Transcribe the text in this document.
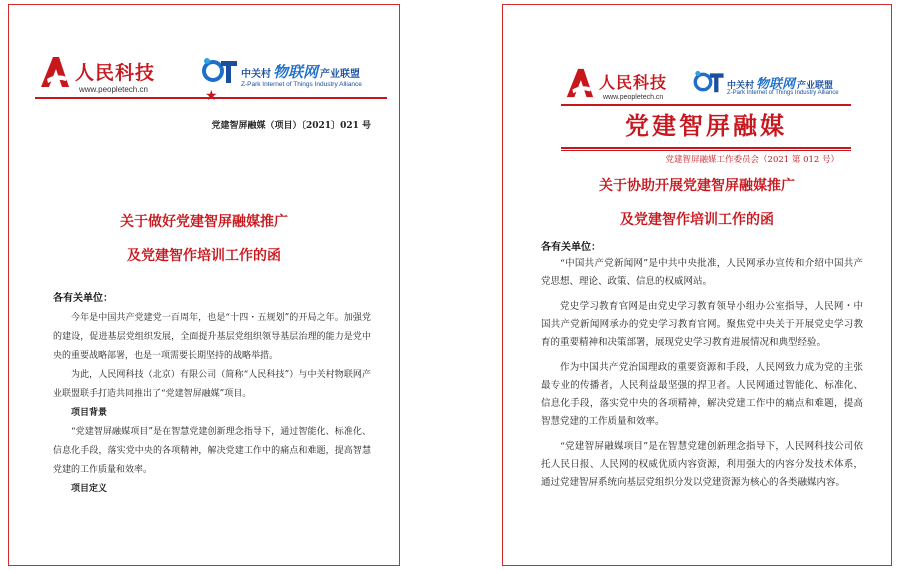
人民科技
www.peopletech.cn
中关村 物联网 产业联盟
Z-Park Internet of Things Industry Alliance
★
党建智屏融媒（项目）〔2021〕021 号
关于做好党建智屏融媒推广
及党建智作培训工作的函
各有关单位：

今年是中国共产党建党一百周年，也是“十四・五规划”的开局之年。加强党的建设，促进基层党组织发展，全面提升基层党组织领导基层治理的能力是党中央的重要战略部署，也是一项需要长期坚持的战略举措。

为此，人民网科技（北京）有限公司（简称“人民科技”）与中关村物联网产业联盟联手打造共同推出了“党建智屏融媒”项目。

项目背景

“党建智屏融媒项目”是在智慧党建创新理念指导下，通过智能化、标准化、信息化手段，落实党中央的各项精神，解决党建工作中的痛点和难题，提高智慧党建的工作质量和效率。

项目定义

人民科技
www.peopletech.cn
中关村 物联网 产业联盟
Z-Park Internet of Things Industry Alliance
党建智屏融媒
党建智屏融媒工作委员会（2021 第 012 号）
关于协助开展党建智屏融媒推广
及党建智作培训工作的函
各有关单位：

“中国共产党新闻网”是中共中央批准，人民网承办宣传和介绍中国共产党思想、理论、政策、信息的权威网站。

党史学习教育官网是由党史学习教育领导小组办公室指导，人民网・中国共产党新闻网承办的党史学习教育官网。聚焦党中央关于开展党史学习教育的重要精神和决策部署，展现党史学习教育进展情况和典型经验。

作为中国共产党治国理政的重要资源和手段，人民网致力成为党的主张最专业的传播者，人民利益最坚强的捍卫者。人民网通过智能化、标准化、信息化手段，落实党中央的各项精神，解决党建工作中的痛点和难题，提高智慧党建的工作质量和效率。

“党建智屏融媒项目”是在智慧党建创新理念指导下，人民网科技公司依托人民日报、人民网的权威优质内容资源，利用强大的内容分发技术体系，通过党建智屏系统向基层党组织分发以党建资源为核心的各类融媒内容。
